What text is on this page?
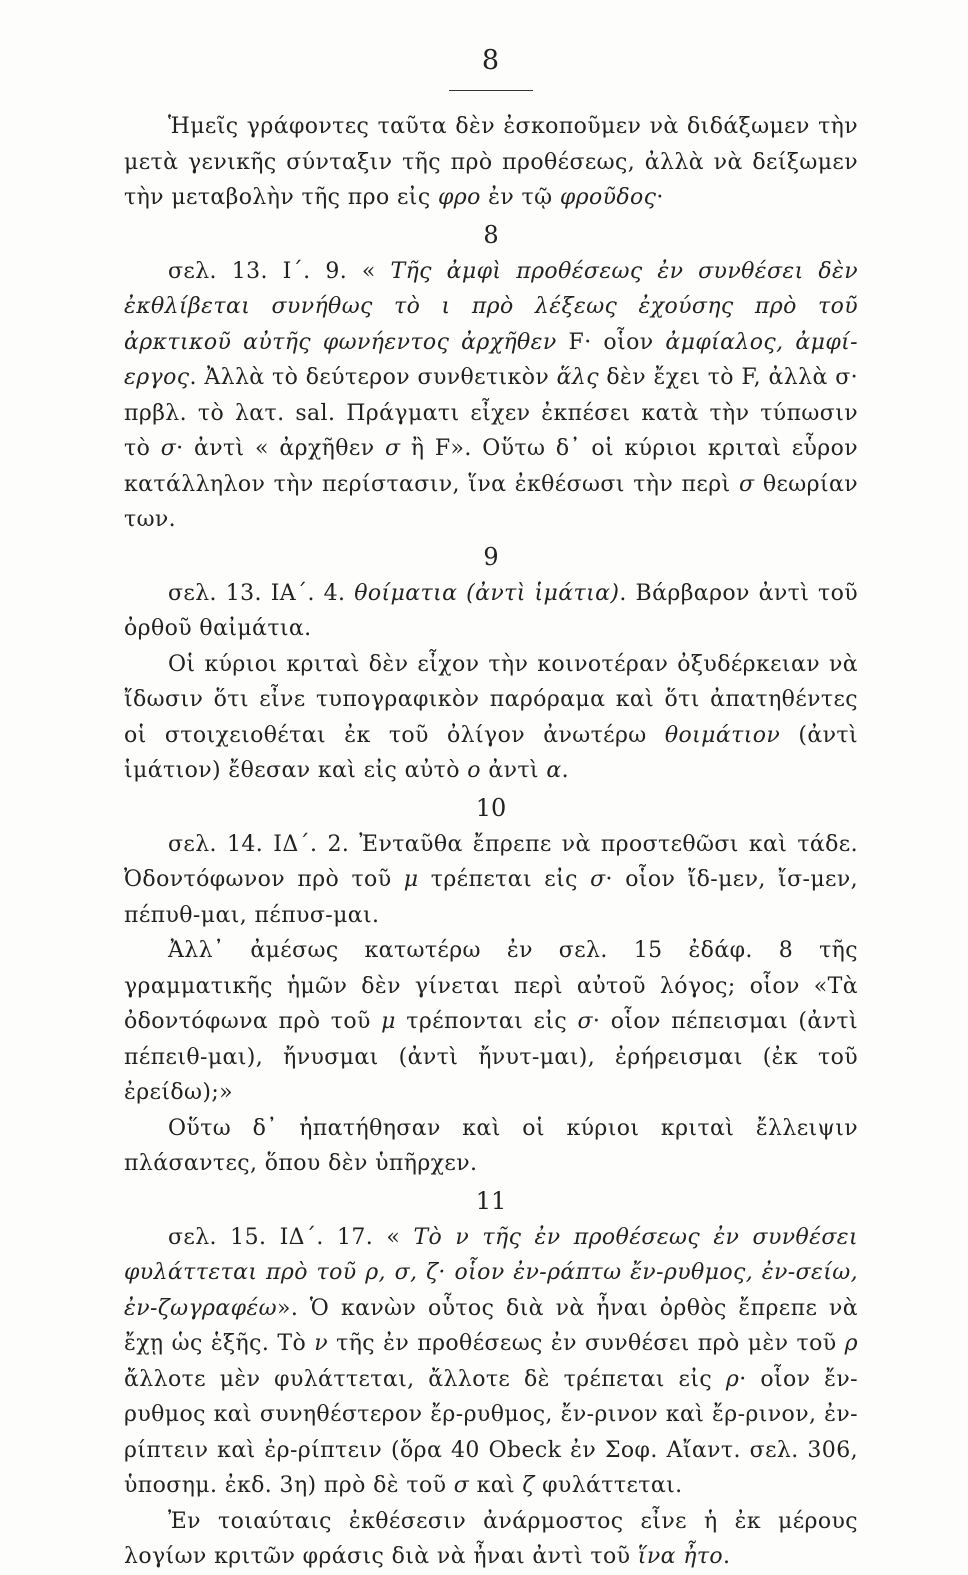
8

Ἡμεῖς γράφοντες ταῦτα δὲν ἐσκοποῦμεν νὰ διδάξωμεν τὴν μετὰ γενικῆς σύνταξιν τῆς πρὸ προθέσεως, ἀλλὰ νὰ δείξωμεν τὴν μεταβολὴν τῆς προ εἰς φρο ἐν τῷ φροῦδος·

8

σελ. 13. Ι΄. 9. « Τῆς ἀμφὶ προθέσεως ἐν συνθέσει δὲν ἐκθλίβεται συνήθως τὸ ι πρὸ λέξεως ἐχούσης πρὸ τοῦ ἀρκτικοῦ αὐτῆς φωνήεντος ἀρχῆθεν F· οἷον ἀμφίαλος, ἀμφί-εργος. Ἀλλὰ τὸ δεύτερον συνθετικὸν ἅλς δὲν ἔχει τὸ F, ἀλλὰ σ· πρβλ. τὸ λατ. sal. Πράγματι εἶχεν ἐκπέσει κατὰ τὴν τύπωσιν τὸ σ· ἀντὶ « ἀρχῆθεν σ ἢ F». Οὕτω δ᾽ οἱ κύριοι κριταὶ εὗρον κατάλληλον τὴν περίστασιν, ἵνα ἐκθέσωσι τὴν περὶ σ θεωρίαν των.

9

σελ. 13. ΙΑ΄. 4. θοίματια (ἀντὶ ἱμάτια). Βάρβαρον ἀντὶ τοῦ ὀρθοῦ θαἰμάτια.

Οἱ κύριοι κριταὶ δὲν εἶχον τὴν κοινοτέραν ὀξυδέρκειαν νὰ ἴδωσιν ὅτι εἶνε τυπογραφικὸν παρόραμα καὶ ὅτι ἀπατηθέντες οἱ στοιχειοθέται ἐκ τοῦ ὀλίγον ἀνωτέρω θοιμάτιον (ἀντὶ ἱμάτιον) ἔθεσαν καὶ εἰς αὐτὸ ο ἀντὶ α.

10

σελ. 14. ΙΔ΄. 2. Ἐνταῦθα ἔπρεπε νὰ προστεθῶσι καὶ τάδε. Ὀδοντόφωνον πρὸ τοῦ μ τρέπεται εἰς σ· οἷον ἴδ-μεν, ἴσ-μεν, πέπυθ-μαι, πέπυσ-μαι.

Ἀλλ᾽ ἀμέσως κατωτέρω ἐν σελ. 15 ἐδάφ. 8 τῆς γραμματικῆς ἡμῶν δὲν γίνεται περὶ αὐτοῦ λόγος; οἷον «Τὰ ὀδοντόφωνα πρὸ τοῦ μ τρέπονται εἰς σ· οἷον πέπεισμαι (ἀντὶ πέπειθ-μαι), ἤνυσμαι (ἀντὶ ἤνυτ-μαι), ἐρήρεισμαι (ἐκ τοῦ ἐρείδω);»

Οὕτω δ᾽ ἠπατήθησαν καὶ οἱ κύριοι κριταὶ ἔλλειψιν πλάσαντες, ὅπου δὲν ὑπῆρχεν.

11

σελ. 15. ΙΔ΄. 17. « Τὸ ν τῆς ἐν προθέσεως ἐν συνθέσει φυλάττεται πρὸ τοῦ ρ, σ, ζ· οἷον ἐν-ράπτω ἔν-ρυθμος, ἐν-σείω, ἐν-ζωγραφέω». Ὁ κανὼν οὗτος διὰ νὰ ἦναι ὀρθὸς ἔπρεπε νὰ ἔχῃ ὡς ἑξῆς. Τὸ ν τῆς ἐν προθέσεως ἐν συνθέσει πρὸ μὲν τοῦ ρ ἄλλοτε μὲν φυλάττεται, ἄλλοτε δὲ τρέπεται εἰς ρ· οἷον ἔν-ρυθμος καὶ συνηθέστερον ἔρ-ρυθμος, ἔν-ρινον καὶ ἔρ-ρινον, ἐν-ρίπτειν καὶ ἐρ-ρίπτειν (ὅρα 40 Obeck ἐν Σοφ. Αἴαντ. σελ. 306, ὑποσημ. ἐκδ. 3η) πρὸ δὲ τοῦ σ καὶ ζ φυλάττεται.

Ἐν τοιαύταις ἐκθέσεσιν ἀνάρμοστος εἶνε ἡ ἐκ μέρους λογίων κριτῶν φράσις διὰ νὰ ἦναι ἀντὶ τοῦ ἵνα ἦτο.
